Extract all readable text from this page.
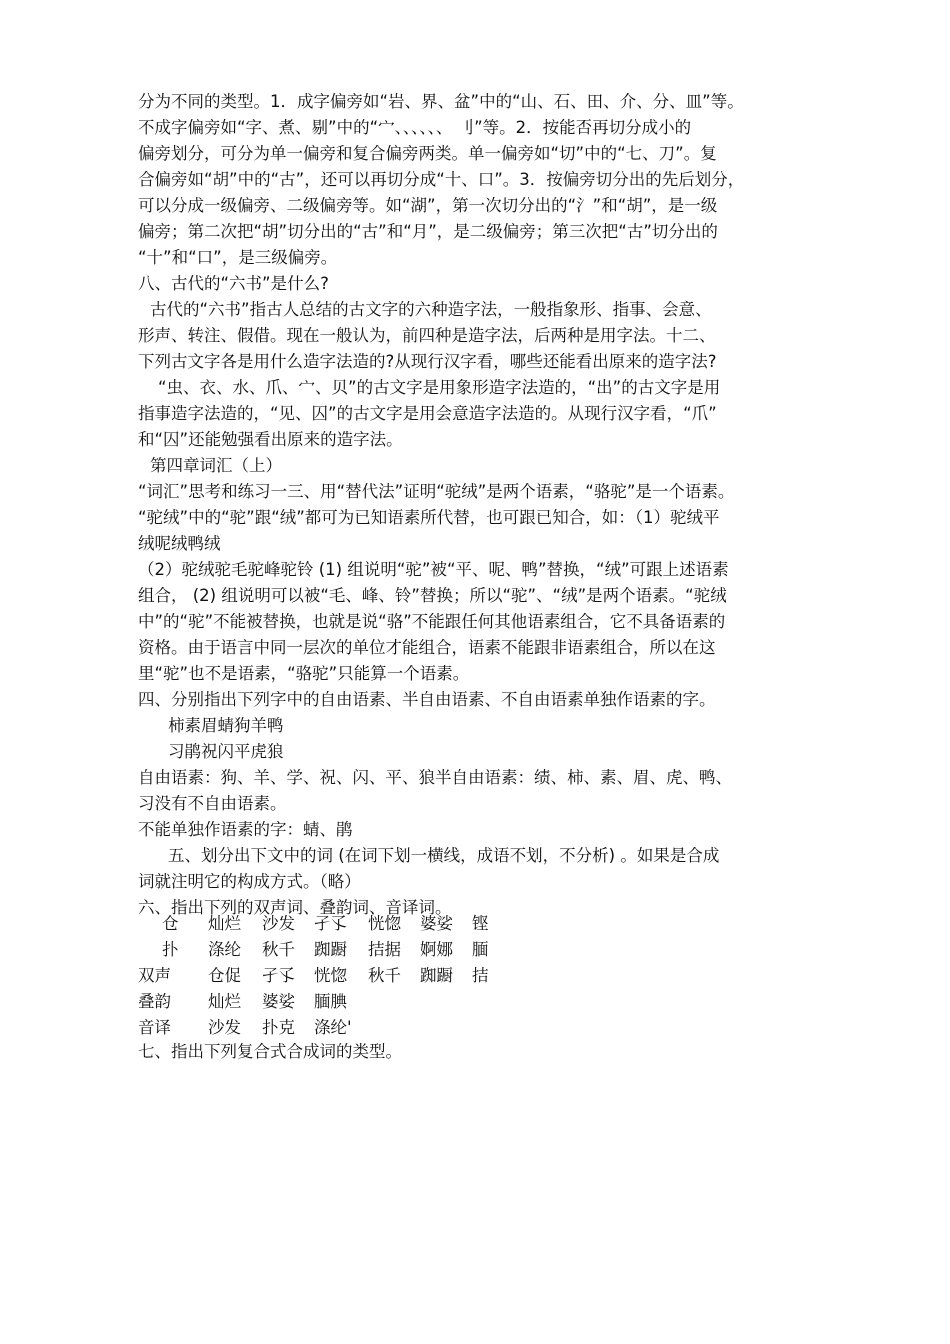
分为不同的类型。1．成字偏旁如“岩、界、盆”中的“山、石、田、介、分、皿”等。
不成字偏旁如“字、煮、剔”中的“宀、、、、、、 刂”等。2．按能否再切分成小的
偏旁划分，可分为单一偏旁和复合偏旁两类。单一偏旁如“切”中的“七、刀”。复
合偏旁如“胡”中的“古”，还可以再切分成“十、口”。3．按偏旁切分出的先后划分，
可以分成一级偏旁、二级偏旁等。如“湖”，第一次切分出的“氵”和“胡”，是一级
偏旁；第二次把“胡”切分出的“古”和“月”，是二级偏旁；第三次把“古”切分出的
“十”和“口”，是三级偏旁。
八、古代的“六书”是什么?
古代的“六书”指古人总结的古文字的六种造字法，一般指象形、指事、会意、
形声、转注、假借。现在一般认为，前四种是造字法，后两种是用字法。十二、
下列古文字各是用什么造字法造的?从现行汉字看，哪些还能看出原来的造字法?
“虫、衣、水、爪、宀、贝”的古文字是用象形造字法造的，“出”的古文字是用
指事造字法造的，“见、囚”的古文字是用会意造字法造的。从现行汉字看，“爪”
和“囚”还能勉强看出原来的造字法。
第四章词汇（上）
“词汇”思考和练习一三、用“替代法”证明“驼绒”是两个语素，“骆驼”是一个语素。
“驼绒”中的“驼”跟“绒”都可为已知语素所代替，也可跟已知合，如：（1）驼绒平
绒呢绒鸭绒
（2）驼绒驼毛驼峰驼铃 (1) 组说明“驼”被“平、呢、鸭”替换，“绒”可跟上述语素
组合， (2) 组说明可以被“毛、峰、铃”替换；所以“驼”、“绒”是两个语素。“驼绒
中”的“驼”不能被替换，也就是说“骆”不能跟任何其他语素组合，它不具备语素的
资格。由于语言中同一层次的单位才能组合，语素不能跟非语素组合，所以在这
里“驼”也不是语素，“骆驼”只能算一个语素。
四、分别指出下列字中的自由语素、半自由语素、不自由语素单独作语素的字。
柿素眉蜻狗羊鸭
习鹃祝闪平虎狼
自由语素：狗、羊、学、祝、闪、平、狼半自由语素：绩、柿、素、眉、虎、鸭、
习没有不自由语素。
不能单独作语素的字：蜻、鹃
五、划分出下文中的词 (在词下划一横线，成语不划，不分析) 。如果是合成
词就注明它的构成方式。（略）
六、指出下列的双声词、叠韵词、音译词。
仓 灿烂 沙发 孑孓 恍惚 婆娑 铿
扑 涤纶 秋千 踟蹰 拮据 婀娜 腼
双声 仓促 孑孓 恍惚 秋千 踟蹰 拮
叠韵 灿烂 婆娑 腼腆
音译 沙发 扑克 涤纶'
七、指出下列复合式合成词的类型。
